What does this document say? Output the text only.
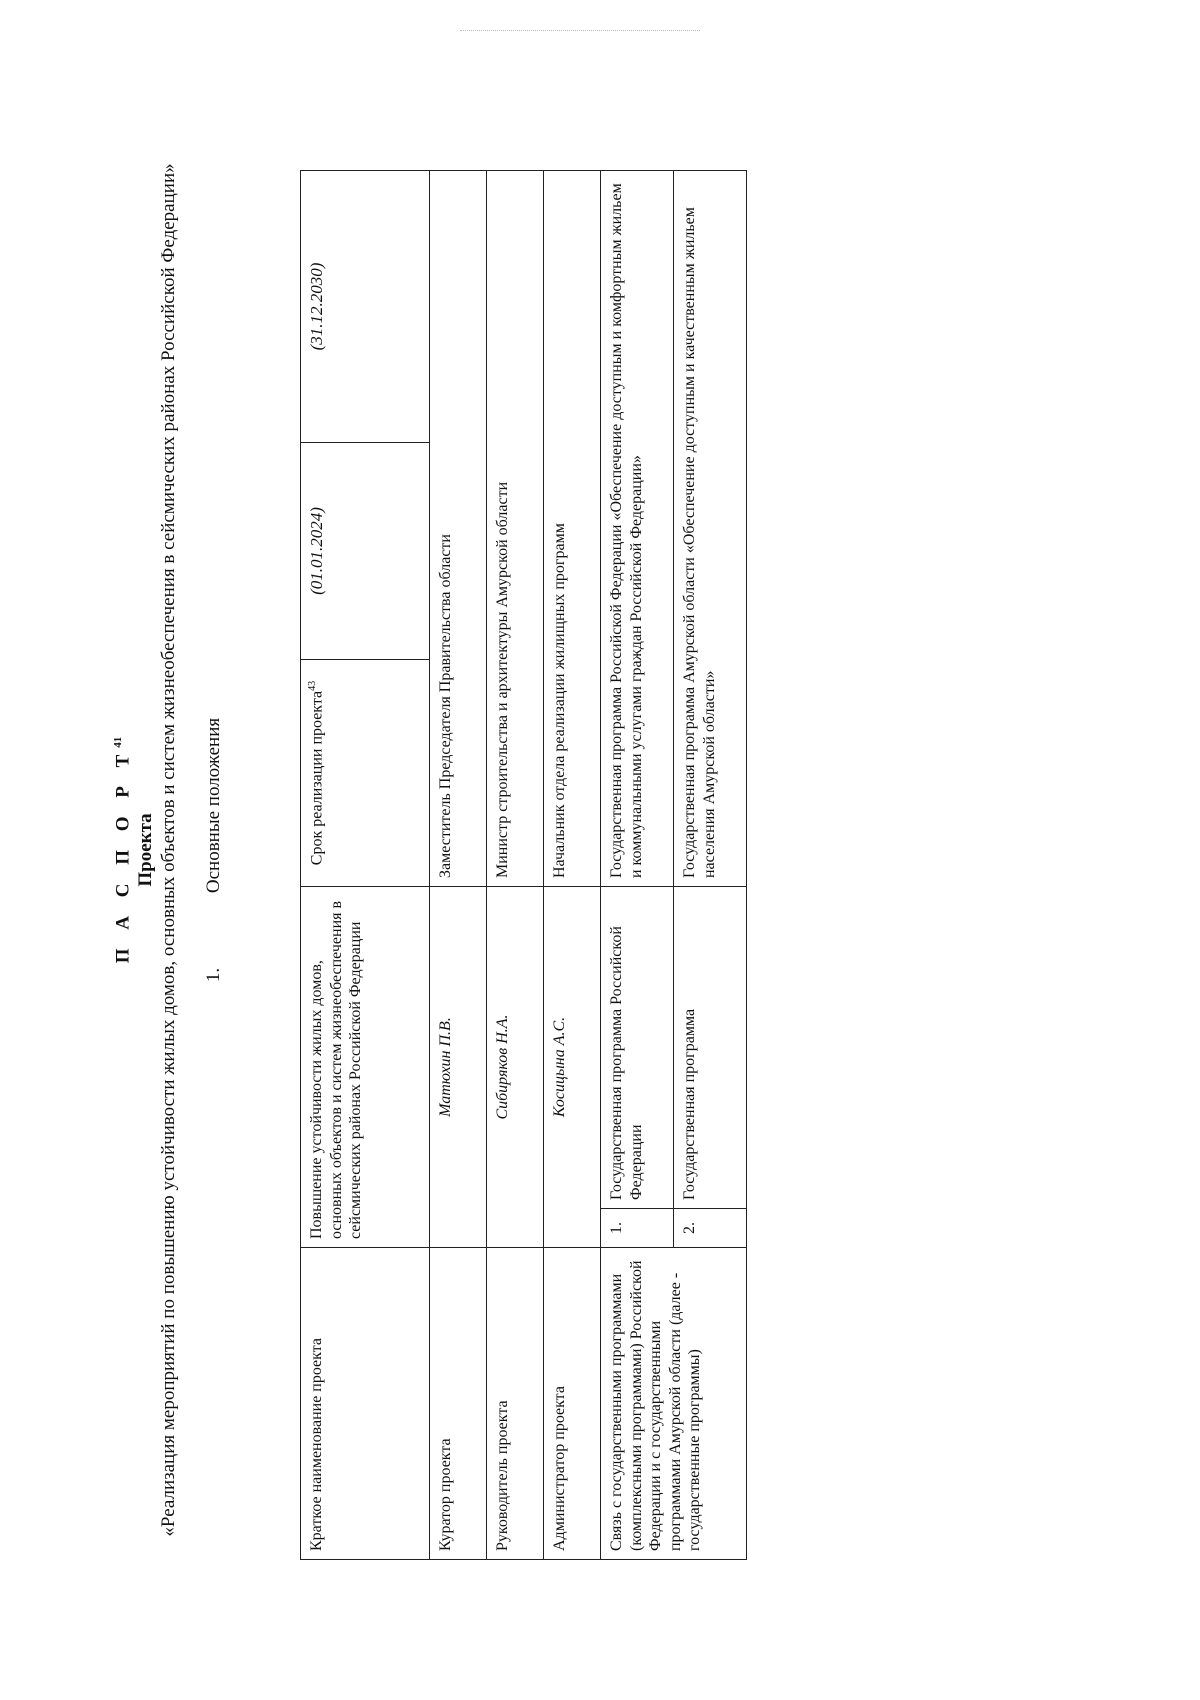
П А С П О Р $Т^{41}$
Проекта «Реализация мероприятий по повышению устойчивости жилых домов, основных объектов и систем жизнеобеспечения в сейсмических районах Российской Федерации» 1. Основные положения
Краткое наименование проекта	Повышение устойчивости жилых домов, основных объектов и систем жизнеобеспечения в сейсмических районах Российской Федерации		Срок реализации проекта$^{43}$	(01.01.2024)	(31.12.2030)
Куратор проекта	Матюхин П.В.		Заместитель Председателя Правительства области		
Руководитель проекта	Сибиряков Н.А.		Министр строительства и архитектуры Амурской области		
Администратор проекта	Косицына А.С.		Начальник отдела реализации жилищных программ		
Связь с государственными программами (комплексными программами) Российской Федерации и с государственными программами Амурской области (далее - государственные программы)	1.	Государственная программа Российской Федерации	Государственная программа Российской Федерации «Обеспечение доступным и комфортным жильем и коммунальными услугами граждан Российской Федерации»		
	2.	Государственная программа	Государственная программа Амурской области «Обеспечение доступным и качественным жильем населения Амурской области»		
